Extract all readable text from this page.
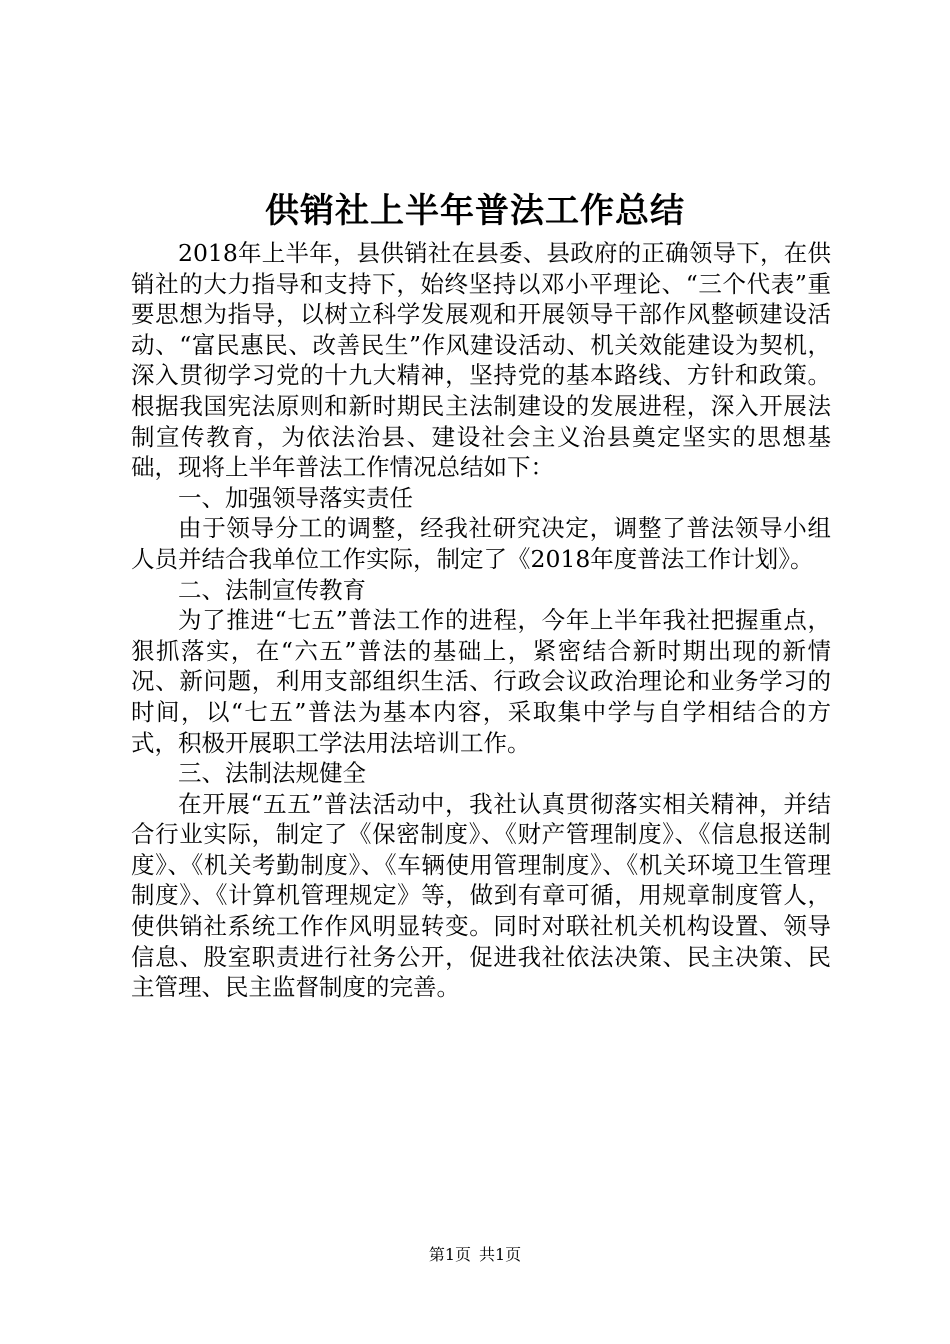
供销社上半年普法工作总结

2018年上半年，县供销社在县委、县政府的正确领导下，在供销社的大力指导和支持下，始终坚持以邓小平理论、“三个代表”重要思想为指导，以树立科学发展观和开展领导干部作风整顿建设活动、“富民惠民、改善民生”作风建设活动、机关效能建设为契机，深入贯彻学习党的十九大精神，坚持党的基本路线、方针和政策。根据我国宪法原则和新时期民主法制建设的发展进程，深入开展法制宣传教育，为依法治县、建设社会主义治县奠定坚实的思想基础，现将上半年普法工作情况总结如下：

一、加强领导落实责任

由于领导分工的调整，经我社研究决定，调整了普法领导小组人员并结合我单位工作实际，制定了《2018年度普法工作计划》。

二、法制宣传教育

为了推进“七五”普法工作的进程，今年上半年我社把握重点，狠抓落实，在“六五”普法的基础上，紧密结合新时期出现的新情况、新问题，利用支部组织生活、行政会议政治理论和业务学习的时间，以“七五”普法为基本内容，采取集中学与自学相结合的方式，积极开展职工学法用法培训工作。

三、法制法规健全

在开展“五五”普法活动中，我社认真贯彻落实相关精神，并结合行业实际，制定了《保密制度》、《财产管理制度》、《信息报送制度》、《机关考勤制度》、《车辆使用管理制度》、《机关环境卫生管理制度》、《计算机管理规定》等，做到有章可循，用规章制度管人，使供销社系统工作作风明显转变。同时对联社机关机构设置、领导信息、股室职责进行社务公开，促进我社依法决策、民主决策、民主管理、民主监督制度的完善。

第1页 共1页
